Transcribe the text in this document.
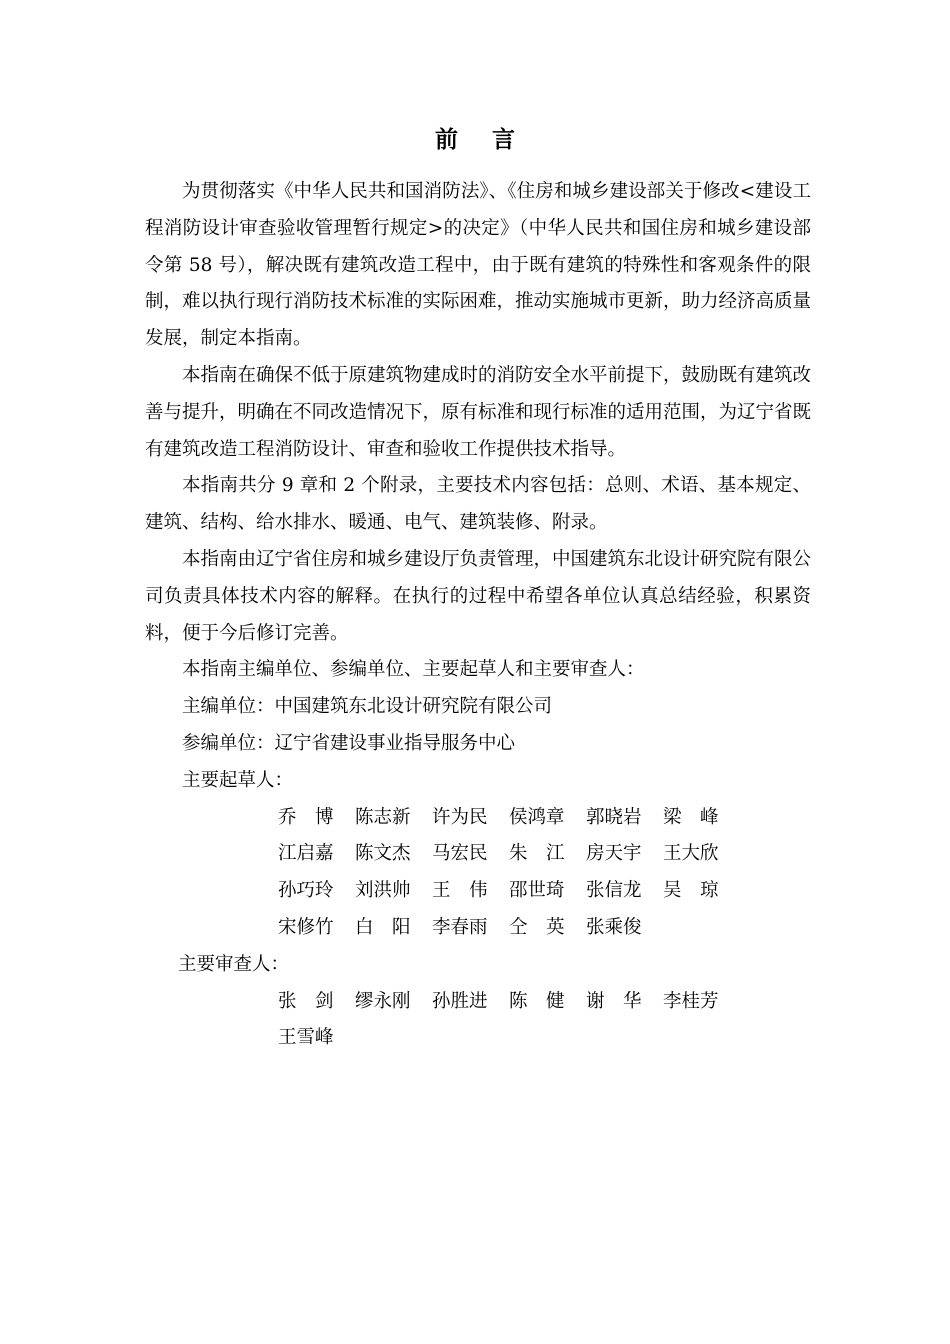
前言

为贯彻落实《中华人民共和国消防法》、《住房和城乡建设部关于修改<建设工程消防设计审查验收管理暂行规定>的决定》（中华人民共和国住房和城乡建设部令第 58 号），解决既有建筑改造工程中，由于既有建筑的特殊性和客观条件的限制，难以执行现行消防技术标准的实际困难，推动实施城市更新，助力经济高质量发展，制定本指南。

本指南在确保不低于原建筑物建成时的消防安全水平前提下，鼓励既有建筑改善与提升，明确在不同改造情况下，原有标准和现行标准的适用范围，为辽宁省既有建筑改造工程消防设计、审查和验收工作提供技术指导。

本指南共分 9 章和 2 个附录，主要技术内容包括：总则、术语、基本规定、建筑、结构、给水排水、暖通、电气、建筑装修、附录。

本指南由辽宁省住房和城乡建设厅负责管理，中国建筑东北设计研究院有限公司负责具体技术内容的解释。在执行的过程中希望各单位认真总结经验，积累资料，便于今后修订完善。

本指南主编单位、参编单位、主要起草人和主要审查人：

主编单位：中国建筑东北设计研究院有限公司

参编单位：辽宁省建设事业指导服务中心

主要起草人：

乔　博	陈志新	许为民	侯鸿章	郭晓岩	梁　峰
江启嘉	陈文杰	马宏民	朱　江	房天宇	王大欣
孙巧玲	刘洪帅	王　伟	邵世琦	张信龙	吴　琼
宋修竹	白　阳	李春雨	仝　英	张乘俊

主要审查人：

张　剑	缪永刚	孙胜进	陈　健	谢　华	李桂芳
王雪峰
